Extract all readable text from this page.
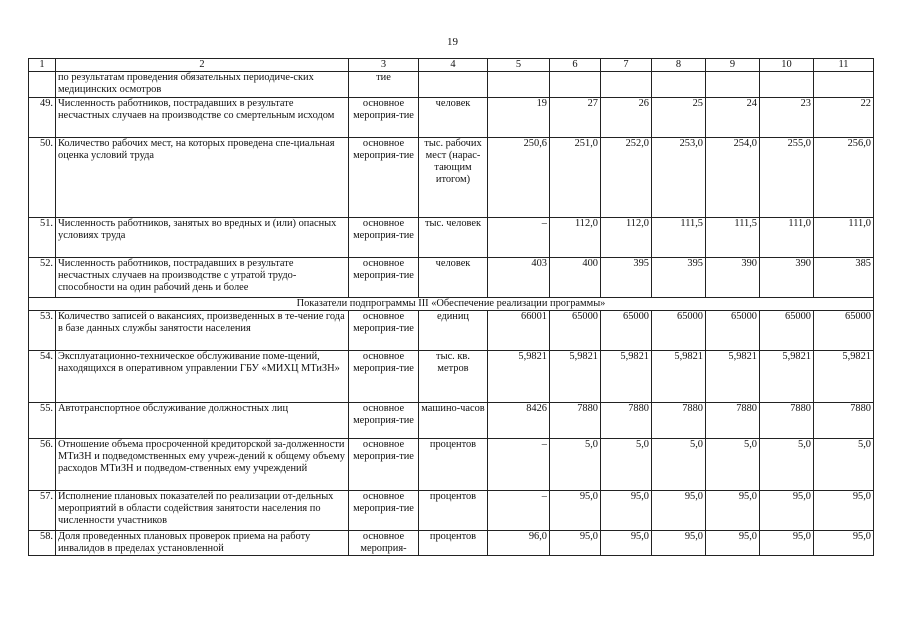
19
1	2	3	4	5	6	7	8	9	10	11
	по результатам проведения обязательных периодиче-ских медицинских осмотров	тие								
49.	Численность работников, пострадавших в результате несчастных случаев на производстве со смертельным исходом	основное мероприя-тие	человек	19	27	26	25	24	23	22
50.	Количество рабочих мест, на которых проведена спе-циальная оценка условий труда	основное мероприя-тие	тыс. рабочих мест (нарас-тающим итогом)	250,6	251,0	252,0	253,0	254,0	255,0	256,0
51.	Численность работников, занятых во вредных и (или) опасных условиях труда	основное мероприя-тие	тыс. человек	–	112,0	112,0	111,5	111,5	111,0	111,0
52.	Численность работников, пострадавших в результате несчастных случаев на производстве с утратой трудо-способности на один рабочий день и более	основное мероприя-тие	человек	403	400	395	395	390	390	385
Показатели подпрограммы III «Обеспечение реализации программы»										
53.	Количество записей о вакансиях, произведенных в те-чение года в базе данных службы занятости населения	основное мероприя-тие	единиц	66001	65000	65000	65000	65000	65000	65000
54.	Эксплуатационно-техническое обслуживание поме-щений, находящихся в оперативном управлении ГБУ «МИХЦ МТиЗН»	основное мероприя-тие	тыс. кв. метров	5,9821	5,9821	5,9821	5,9821	5,9821	5,9821	5,9821
55.	Автотранспортное обслуживание должностных лиц	основное мероприя-тие	машино-часов	8426	7880	7880	7880	7880	7880	7880
56.	Отношение объема просроченной кредиторской за-долженности МТиЗН и подведомственных ему учреж-дений к общему объему расходов МТиЗН и подведом-ственных ему учреждений	основное мероприя-тие	процентов	–	5,0	5,0	5,0	5,0	5,0	5,0
57.	Исполнение плановых показателей по реализации от-дельных мероприятий в области содействия занятости населения по численности участников	основное мероприя-тие	процентов	–	95,0	95,0	95,0	95,0	95,0	95,0
58.	Доля проведенных плановых проверок приема на работу инвалидов в пределах установленной	основное мероприя-	процентов	96,0	95,0	95,0	95,0	95,0	95,0	95,0
